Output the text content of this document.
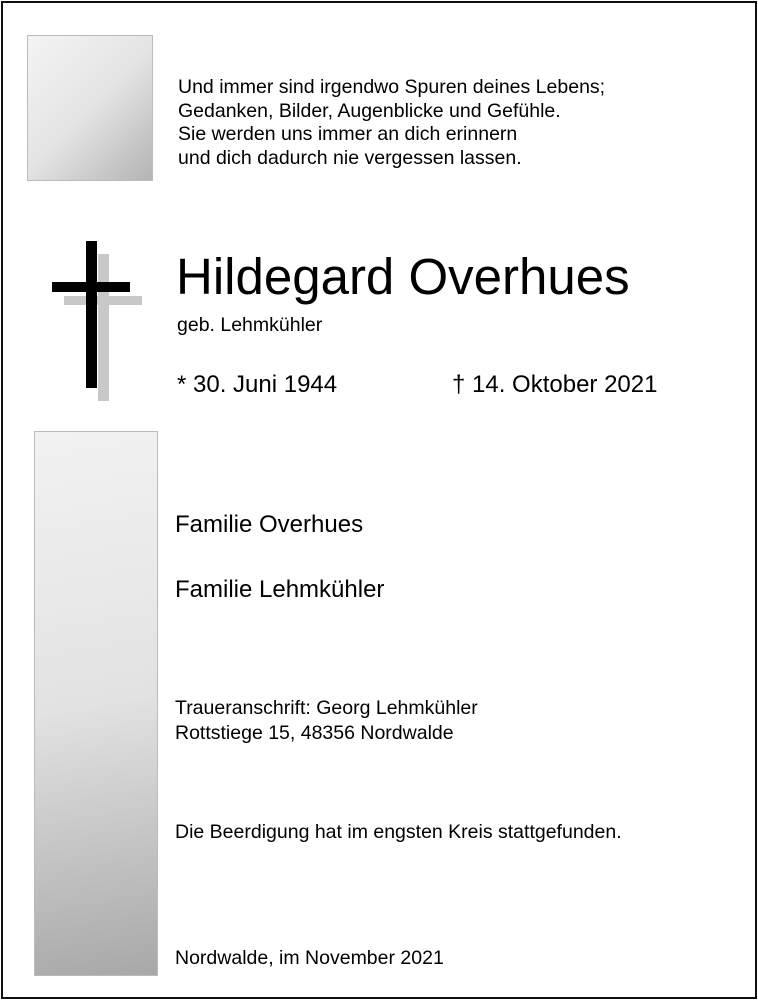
Und immer sind irgendwo Spuren deines Lebens;
Gedanken, Bilder, Augenblicke und Gefühle.
Sie werden uns immer an dich erinnern
und dich dadurch nie vergessen lassen.
Hildegard Overhues
geb. Lehmkühler
* 30. Juni 1944	† 14. Oktober 2021
Familie Overhues
Familie Lehmkühler
Traueranschrift: Georg Lehmkühler
Rottstiege 15, 48356 Nordwalde
Die Beerdigung hat im engsten Kreis stattgefunden.
Nordwalde, im November 2021
